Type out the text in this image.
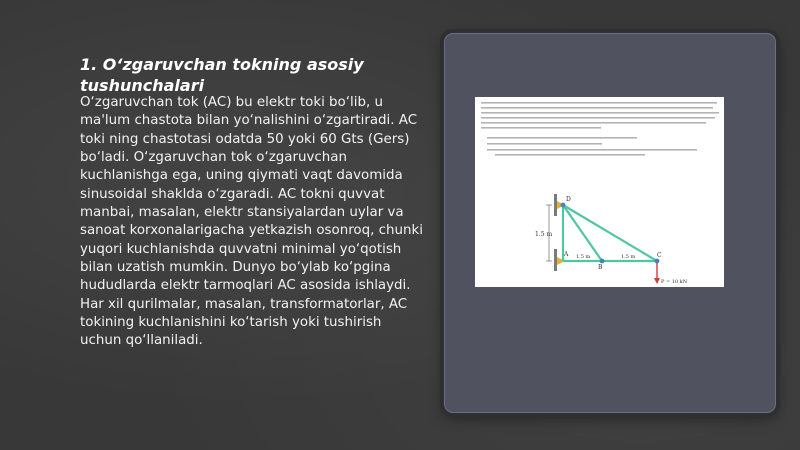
1. O‘zgaruvchan tokning asosiy tushunchalari

O‘zgaruvchan tok (AC) bu elektr toki bo‘lib, u ma'lum chastota bilan yo‘nalishini o‘zgartiradi. AC toki ning chastotasi odatda 50 yoki 60 Gts (Gers) bo‘ladi. O‘zgaruvchan tok o‘zgaruvchan kuchlanishga ega, uning qiymati vaqt davomida sinusoidal shaklda o‘zgaradi. AC tokni quvvat manbai, masalan, elektr stansiyalardan uylar va sanoat korxonalarigacha yetkazish osonroq, chunki yuqori kuchlanishda quvvatni minimal yo‘qotish bilan uzatish mumkin. Dunyo bo‘ylab ko‘pgina hududlarda elektr tarmoqlari AC asosida ishlaydi. Har xil qurilmalar, masalan, transformatorlar, AC tokining kuchlanishini ko‘tarish yoki tushirish uchun qo‘llaniladi.

D
1.5 m
A
B
C
1.5 m	1.5 m
P = 10 kN
